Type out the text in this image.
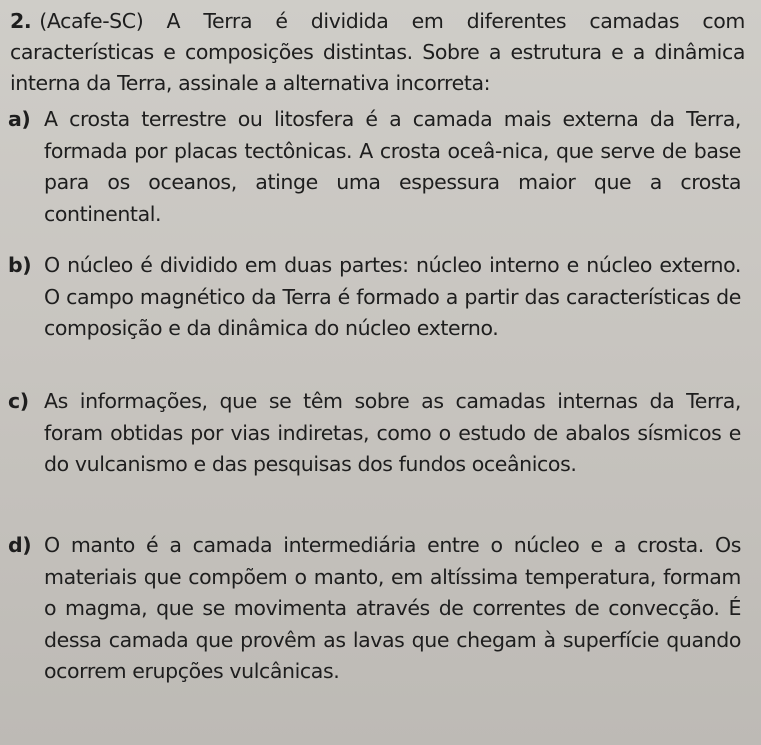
2. (Acafe-SC) A Terra é dividida em diferentes camadas com características e composições distintas. Sobre a estrutura e a dinâmica interna da Terra, assinale a alternativa incorreta:
a) A crosta terrestre ou litosfera é a camada mais externa da Terra, formada por placas tectônicas. A crosta oceâ-nica, que serve de base para os oceanos, atinge uma espessura maior que a crosta continental.
b) O núcleo é dividido em duas partes: núcleo interno e núcleo externo. O campo magnético da Terra é formado a partir das características de composição e da dinâmica do núcleo externo.
c) As informações, que se têm sobre as camadas internas da Terra, foram obtidas por vias indiretas, como o estudo de abalos sísmicos e do vulcanismo e das pesquisas dos fundos oceânicos.
d) O manto é a camada intermediária entre o núcleo e a crosta. Os materiais que compõem o manto, em altíssima temperatura, formam o magma, que se movimenta através de correntes de convecção. É dessa camada que provêm as lavas que chegam à superfície quando ocorrem erupções vulcânicas.
